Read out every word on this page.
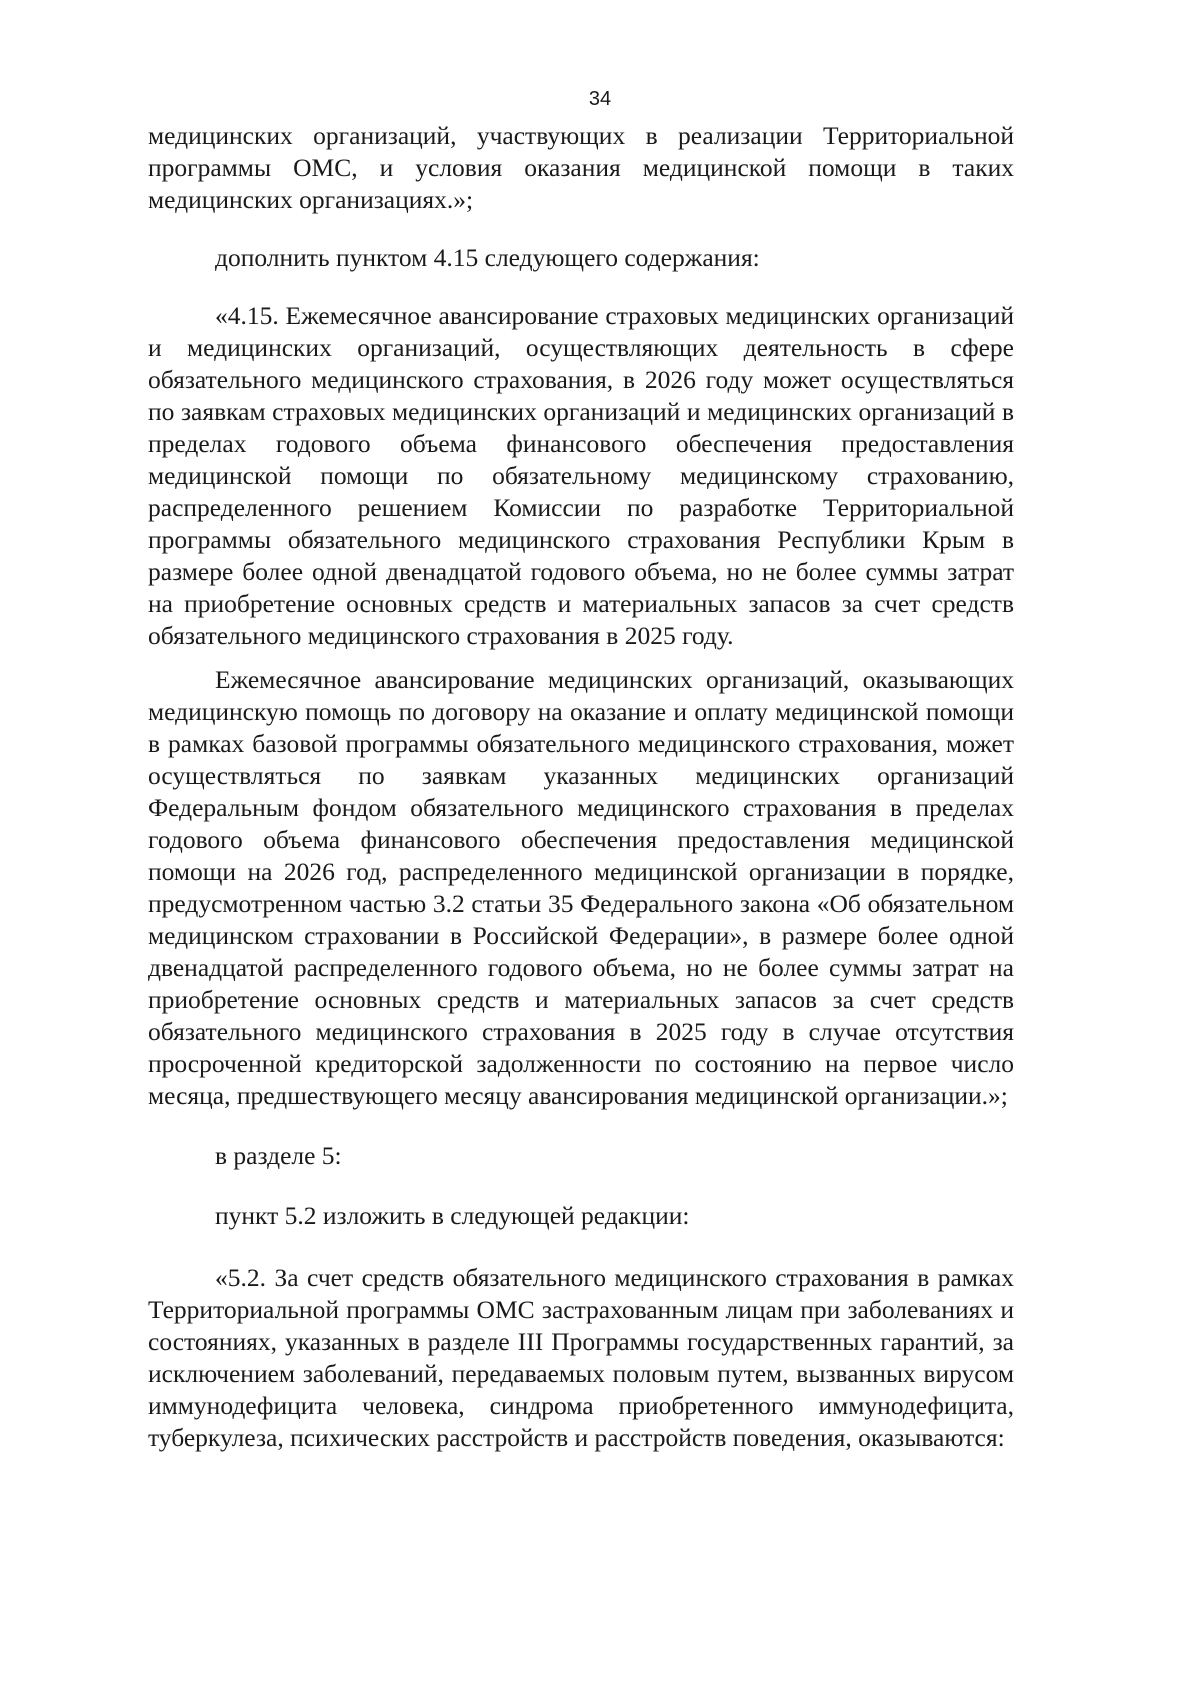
34

медицинских организаций, участвующих в реализации Территориальной программы ОМС, и условия оказания медицинской помощи в таких медицинских организациях.»;

дополнить пунктом 4.15 следующего содержания:

«4.15. Ежемесячное авансирование страховых медицинских организаций и медицинских организаций, осуществляющих деятельность в сфере обязательного медицинского страхования, в 2026 году может осуществляться по заявкам страховых медицинских организаций и медицинских организаций в пределах годового объема финансового обеспечения предоставления медицинской помощи по обязательному медицинскому страхованию, распределенного решением Комиссии по разработке Территориальной программы обязательного медицинского страхования Республики Крым в размере более одной двенадцатой годового объема, но не более суммы затрат на приобретение основных средств и материальных запасов за счет средств обязательного медицинского страхования в 2025 году.

Ежемесячное авансирование медицинских организаций, оказывающих медицинскую помощь по договору на оказание и оплату медицинской помощи в рамках базовой программы обязательного медицинского страхования, может осуществляться по заявкам указанных медицинских организаций Федеральным фондом обязательного медицинского страхования в пределах годового объема финансового обеспечения предоставления медицинской помощи на 2026 год, распределенного медицинской организации в порядке, предусмотренном частью 3.2 статьи 35 Федерального закона «Об обязательном медицинском страховании в Российской Федерации», в размере более одной двенадцатой распределенного годового объема, но не более суммы затрат на приобретение основных средств и материальных запасов за счет средств обязательного медицинского страхования в 2025 году в случае отсутствия просроченной кредиторской задолженности по состоянию на первое число месяца, предшествующего месяцу авансирования медицинской организации.»;

в разделе 5:

пункт 5.2 изложить в следующей редакции:

«5.2. За счет средств обязательного медицинского страхования в рамках Территориальной программы ОМС застрахованным лицам при заболеваниях и состояниях, указанных в разделе III Программы государственных гарантий, за исключением заболеваний, передаваемых половым путем, вызванных вирусом иммунодефицита человека, синдрома приобретенного иммунодефицита, туберкулеза, психических расстройств и расстройств поведения, оказываются:
